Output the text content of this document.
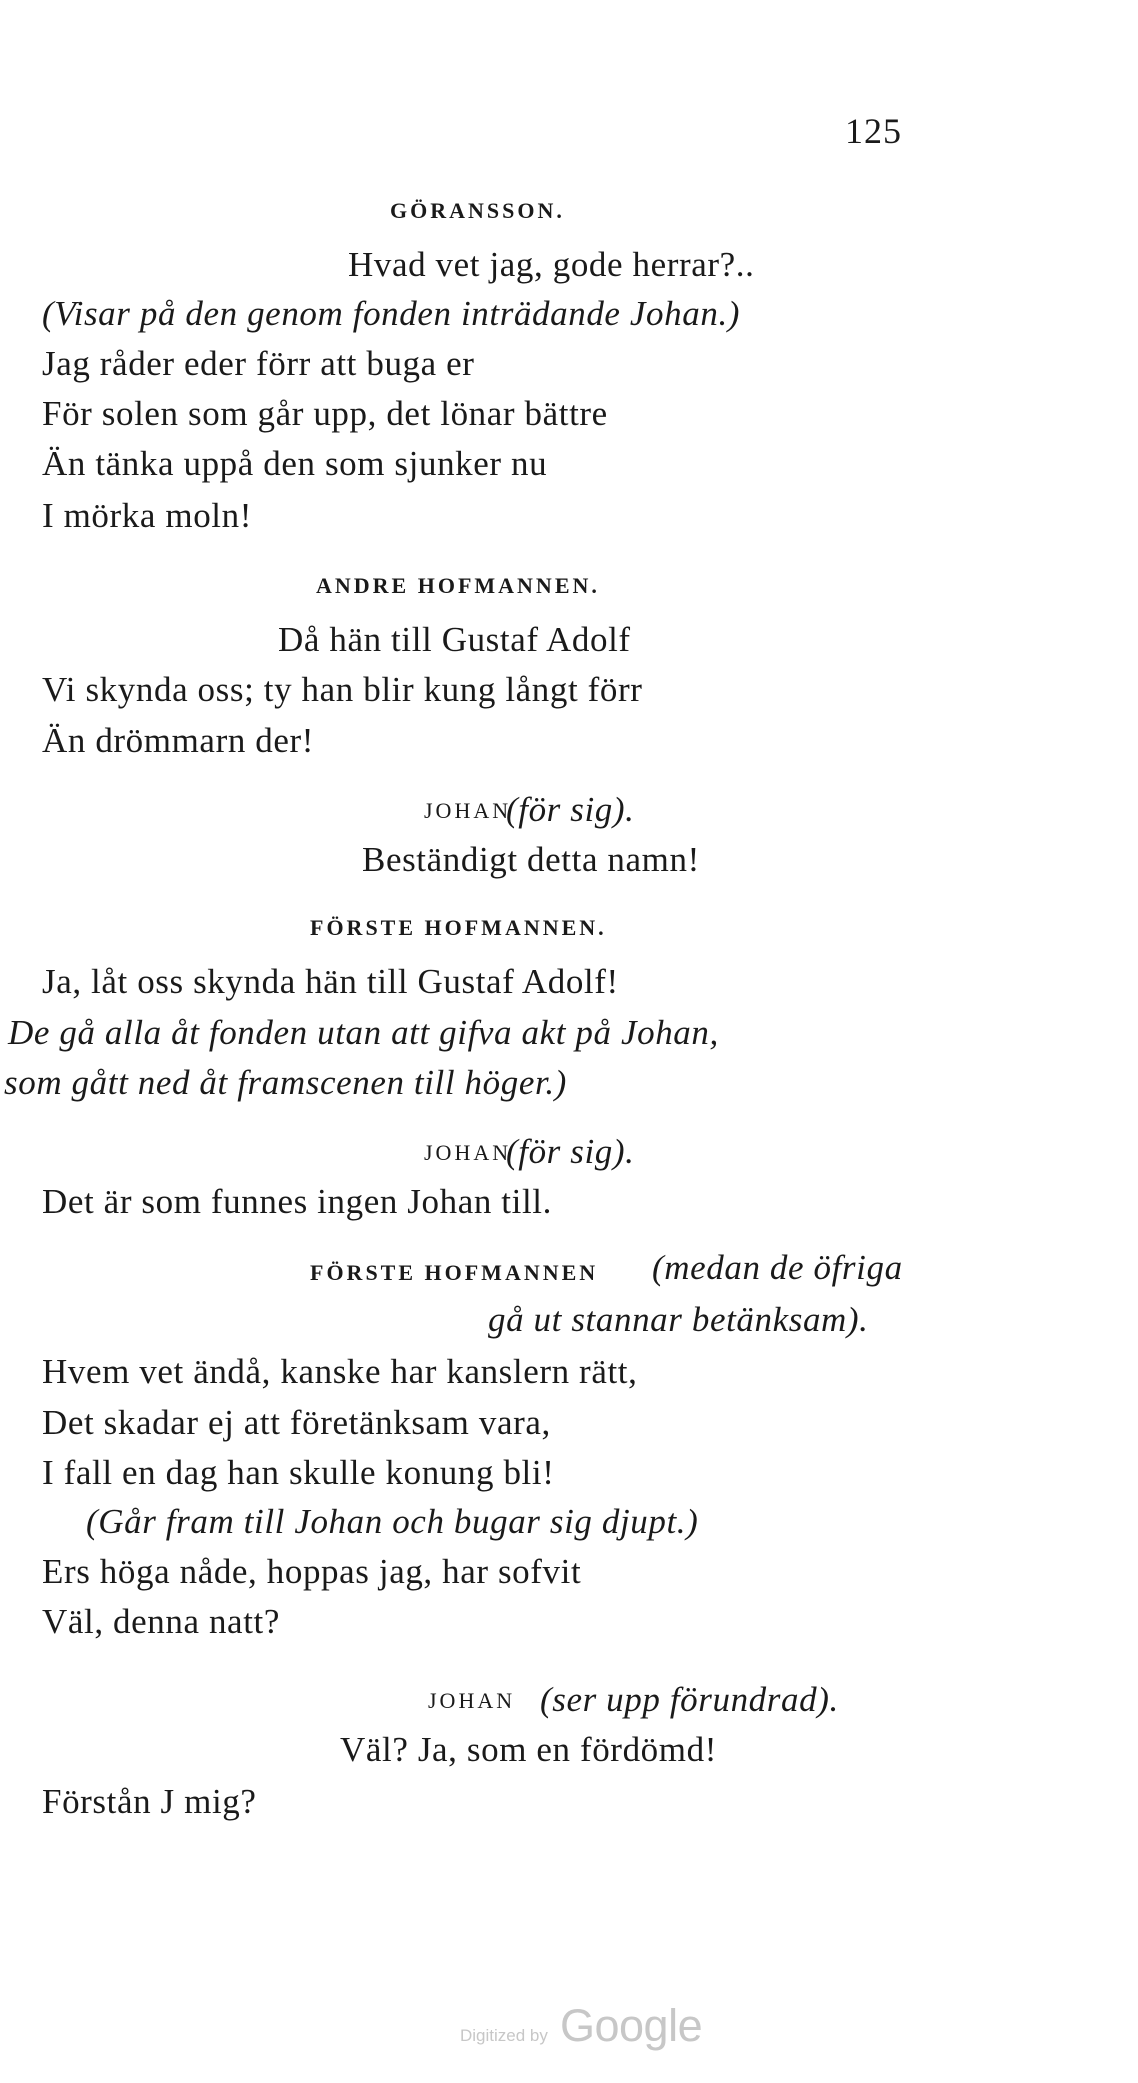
125
GÖRANSSON.
Hvad vet jag, gode herrar?..
(Visar på den genom fonden inträdande Johan.)
Jag råder eder förr att buga er
För solen som går upp, det lönar bättre
Än tänka uppå den som sjunker nu
I mörka moln!
ANDRE HOFMANNEN.
Då hän till Gustaf Adolf
Vi skynda oss; ty han blir kung långt förr
Än drömmarn der!
JOHAN
(för sig).
Beständigt detta namn!
FÖRSTE HOFMANNEN.
Ja, låt oss skynda hän till Gustaf Adolf!
De gå alla åt fonden utan att gifva akt på Johan,
som gått ned åt framscenen till höger.)
JOHAN
(för sig).
Det är som funnes ingen Johan till.
FÖRSTE HOFMANNEN (medan de öfriga
gå ut stannar betänksam).
Hvem vet ändå, kanske har kanslern rätt,
Det skadar ej att företänksam vara,
I fall en dag han skulle konung bli!
(Går fram till Johan och bugar sig djupt.)
Ers höga nåde, hoppas jag, har sofvit
Väl, denna natt?
JOHAN (ser upp förundrad).
Väl? Ja, som en fördömd!
Förstån J mig?
Digitized by Google
